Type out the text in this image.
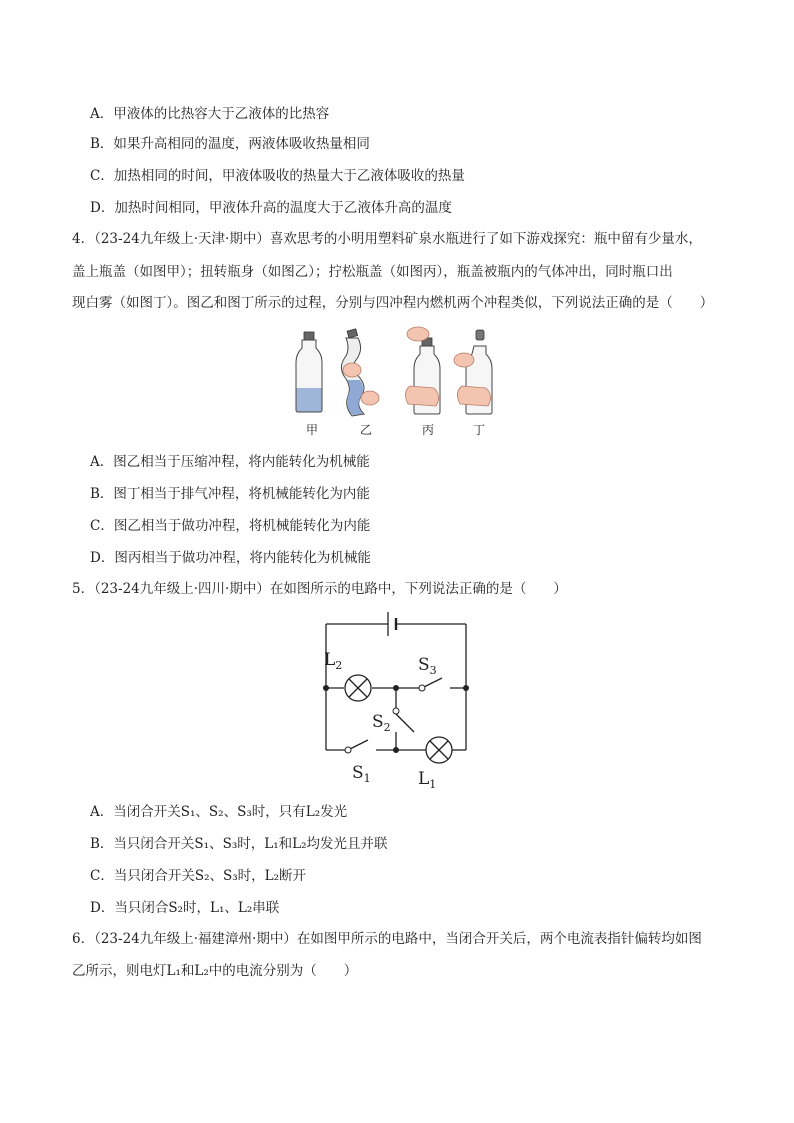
A．甲液体的比热容大于乙液体的比热容
B．如果升高相同的温度，两液体吸收热量相同
C．加热相同的时间，甲液体吸收的热量大于乙液体吸收的热量
D．加热时间相同，甲液体升高的温度大于乙液体升高的温度
4．（23-24九年级上·天津·期中）喜欢思考的小明用塑料矿泉水瓶进行了如下游戏探究：瓶中留有少量水，
盖上瓶盖（如图甲）；扭转瓶身（如图乙）；拧松瓶盖（如图丙），瓶盖被瓶内的气体冲出，同时瓶口出
现白雾（如图丁）。图乙和图丁所示的过程，分别与四冲程内燃机两个冲程类似，下列说法正确的是（　　）
甲	乙	丙	丁
A．图乙相当于压缩冲程，将内能转化为机械能
B．图丁相当于排气冲程，将机械能转化为内能
C．图乙相当于做功冲程，将机械能转化为内能
D．图丙相当于做功冲程，将内能转化为机械能
5．（23-24九年级上·四川·期中）在如图所示的电路中，下列说法正确的是（　　）
$L_2$	$S_3$
$S_2$
$S_1$	$L_1$
A．当闭合开关S₁、S₂、S₃时，只有L₂发光
B．当只闭合开关S₁、S₃时，L₁和L₂均发光且并联
C．当只闭合开关S₂、S₃时，L₂断开
D．当只闭合S₂时，L₁、L₂串联
6．（23-24九年级上·福建漳州·期中）在如图甲所示的电路中，当闭合开关后，两个电流表指针偏转均如图
乙所示，则电灯L₁和L₂中的电流分别为（　　）
